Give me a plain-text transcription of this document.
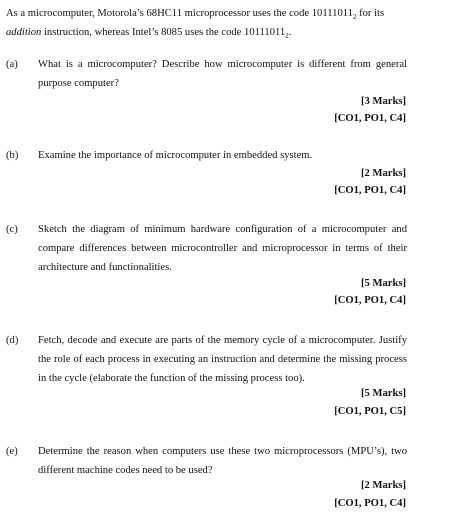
As a microcomputer, Motorola’s 68HC11 microprocessor uses the code $10111011_2$ for its addition instruction, whereas Intel’s 8085 uses the code $10111011_2$.
(a) What is a microcomputer? Describe how microcomputer is different from general purpose computer?
[3 Marks]
[CO1, PO1, C4]
(b) Examine the importance of microcomputer in embedded system.
[2 Marks]
[CO1, PO1, C4]
(c) Sketch the diagram of minimum hardware configuration of a microcomputer and compare differences between microcontroller and microprocessor in terms of their architecture and functionalities.
[5 Marks]
[CO1, PO1, C4]
(d) Fetch, decode and execute are parts of the memory cycle of a microcomputer. Justify the role of each process in executing an instruction and determine the missing process in the cycle (elaborate the function of the missing process too).
[5 Marks]
[CO1, PO1, C5]
(e) Determine the reason when computers use these two microprocessors (MPU’s), two different machine codes need to be used?
[2 Marks]
[CO1, PO1, C4]
